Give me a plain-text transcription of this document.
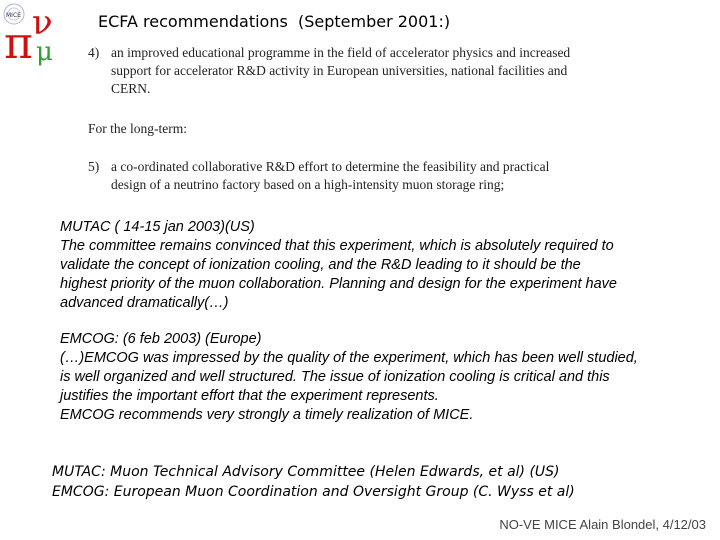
MICE
π ν
μ
ECFA recommendations  (September 2001:)
4) an improved educational programme in the field of accelerator physics and increased
support for accelerator R&D activity in European universities, national facilities and
CERN.
For the long-term:
5) a co-ordinated collaborative R&D effort to determine the feasibility and practical
design of a neutrino factory based on a high-intensity muon storage ring;
MUTAC ( 14-15 jan 2003)(US)
The committee remains convinced that this experiment, which is absolutely required to
validate the concept of ionization cooling, and the R&D leading to it should be the
highest priority of the muon collaboration. Planning and design for the experiment have
advanced dramatically(…)
EMCOG: (6 feb 2003) (Europe)
(…)EMCOG was impressed by the quality of the experiment, which has been well studied,
is well organized and well structured. The issue of ionization cooling is critical and this
justifies the important effort that the experiment represents.
EMCOG recommends very strongly a timely realization of MICE.
MUTAC: Muon Technical Advisory Committee (Helen Edwards, et al) (US)
EMCOG: European Muon Coordination and Oversight Group (C. Wyss et al)
NO-VE MICE Alain Blondel, 4/12/03
